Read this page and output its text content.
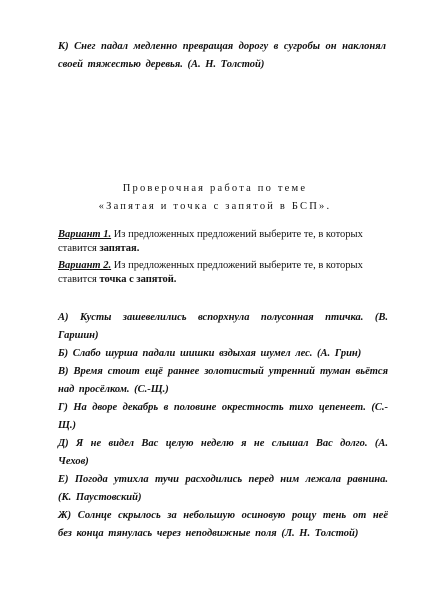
К) Снег падал медленно превращая дорогу в сугробы он наклонял своей тяжестью деревья. (А. Н. Толстой)
Проверочная работа по теме
«Запятая и точка с запятой в БСП».
Вариант 1. Из предложенных предложений выберите те, в которых ставится запятая.
Вариант 2. Из предложенных предложений выберите те, в которых ставится точка с запятой.
А) Кусты зашевелились вспорхнула полусонная птичка. (В. Гаршин)
Б) Слабо шуршa падали шишки вздыхая шумел лес. (А. Грин)
В) Время стоит ещё раннее золотистый утренний туман вьётся над просёлком. (С.-Щ.)
Г) На дворе декабрь в половине окрестность тихо цепенеет. (С.-Щ.)
Д) Я не видел Вас целую неделю я не слышал Вас долго. (А. Чехов)
Е) Погода утихла тучи расходились перед ним лежала равнина. (К. Паустовский)
Ж) Солнце скрылось за небольшую осиновую рощу тень от неё без конца тянулась через неподвижные поля (Л. Н. Толстой)
